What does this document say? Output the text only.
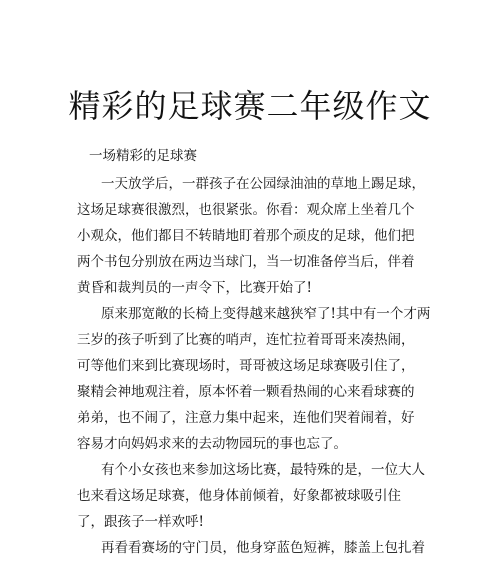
精彩的足球赛二年级作文

一场精彩的足球赛

一天放学后，一群孩子在公园绿油油的草地上踢足球，

这场足球赛很激烈，也很紧张。你看：观众席上坐着几个

小观众，他们都目不转睛地盯着那个顽皮的足球，他们把

两个书包分别放在两边当球门，当一切准备停当后，伴着

黄昏和裁判员的一声令下，比赛开始了!

原来那宽敞的长椅上变得越来越狭窄了!其中有一个才两

三岁的孩子听到了比赛的哨声，连忙拉着哥哥来凑热闹，

可等他们来到比赛现场时，哥哥被这场足球赛吸引住了，

聚精会神地观注着，原本怀着一颗看热闹的心来看球赛的

弟弟，也不闹了，注意力集中起来，连他们哭着闹着，好

容易才向妈妈求来的去动物园玩的事也忘了。

有个小女孩也来参加这场比赛，最特殊的是，一位大人

也来看这场足球赛，他身体前倾着，好象都被球吸引住

了，跟孩子一样欢呼!

再看看赛场的守门员，他身穿蓝色短裤，膝盖上包扎着
